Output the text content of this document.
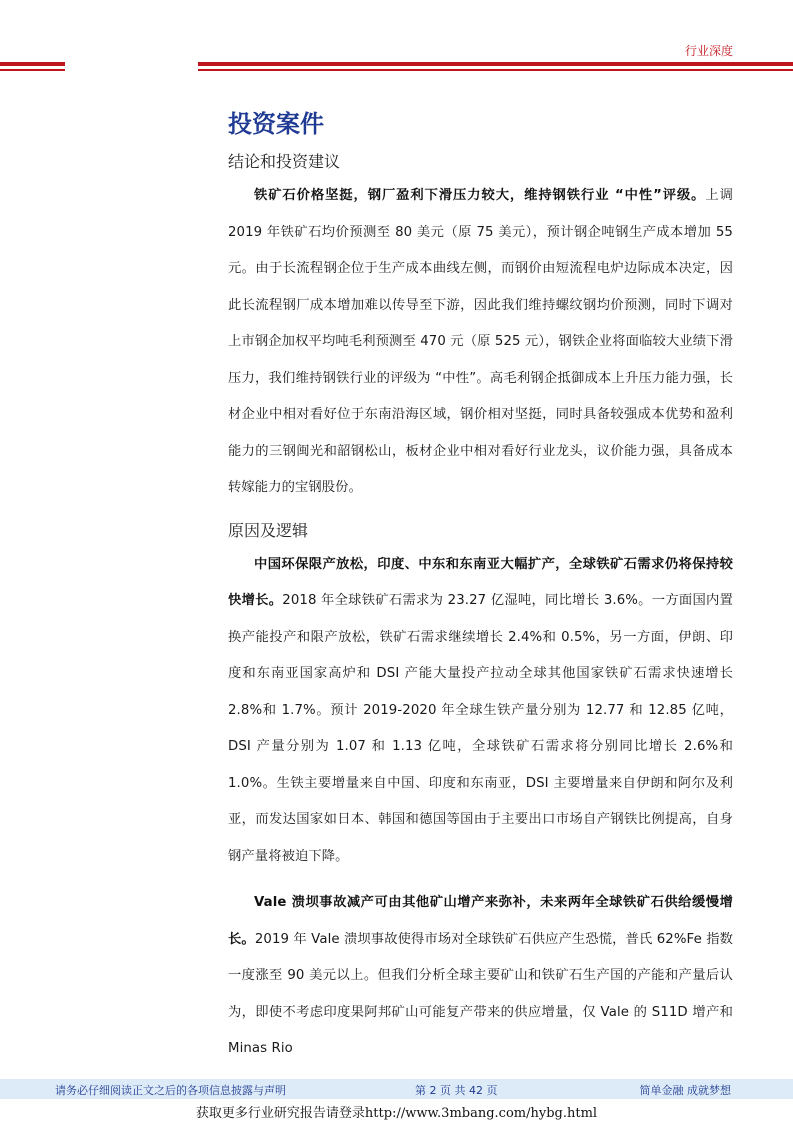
行业深度
投资案件
结论和投资建议

铁矿石价格坚挺，钢厂盈利下滑压力较大，维持钢铁行业 “中性”评级。上调 2019 年铁矿石均价预测至 80 美元（原 75 美元），预计钢企吨钢生产成本增加 55 元。由于长流程钢企位于生产成本曲线左侧，而钢价由短流程电炉边际成本决定，因此长流程钢厂成本增加难以传导至下游，因此我们维持螺纹钢均价预测，同时下调对上市钢企加权平均吨毛利预测至 470 元（原 525 元），钢铁企业将面临较大业绩下滑压力，我们维持钢铁行业的评级为 “中性”。高毛利钢企抵御成本上升压力能力强，长材企业中相对看好位于东南沿海区域，钢价相对坚挺，同时具备较强成本优势和盈利能力的三钢闽光和韶钢松山，板材企业中相对看好行业龙头，议价能力强，具备成本转嫁能力的宝钢股份。

原因及逻辑

中国环保限产放松，印度、中东和东南亚大幅扩产，全球铁矿石需求仍将保持较快增长。2018 年全球铁矿石需求为 23.27 亿湿吨，同比增长 3.6%。一方面国内置换产能投产和限产放松，铁矿石需求继续增长 2.4%和 0.5%，另一方面，伊朗、印度和东南亚国家高炉和 DSI 产能大量投产拉动全球其他国家铁矿石需求快速增长 2.8%和 1.7%。预计 2019-2020 年全球生铁产量分别为 12.77 和 12.85 亿吨，DSI 产量分别为 1.07 和 1.13 亿吨，全球铁矿石需求将分别同比增长 2.6%和 1.0%。生铁主要增量来自中国、印度和东南亚，DSI 主要增量来自伊朗和阿尔及利亚，而发达国家如日本、韩国和德国等国由于主要出口市场自产钢铁比例提高，自身钢产量将被迫下降。

Vale 溃坝事故减产可由其他矿山增产来弥补，未来两年全球铁矿石供给缓慢增长。2019 年 Vale 溃坝事故使得市场对全球铁矿石供应产生恐慌，普氏 62%Fe 指数一度涨至 90 美元以上。但我们分析全球主要矿山和铁矿石生产国的产能和产量后认为，即使不考虑印度果阿邦矿山可能复产带来的供应增量，仅 Vale 的 S11D 增产和 Minas Rio

请务必仔细阅读正文之后的各项信息披露与声明	第 2 页 共 42 页	简单金融 成就梦想
获取更多行业研究报告请登录http://www.3mbang.com/hybg.html
